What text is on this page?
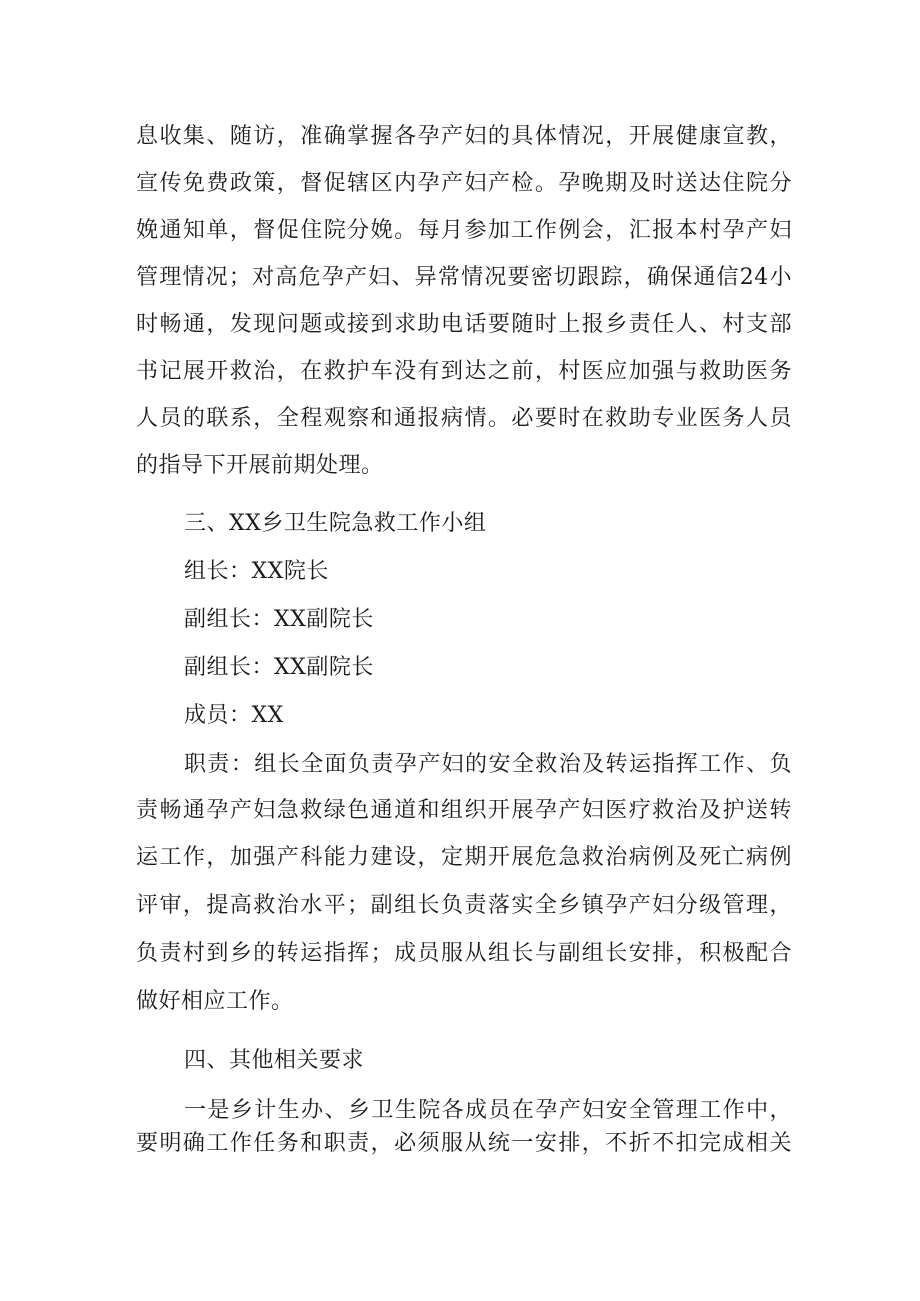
息收集、随访，准确掌握各孕产妇的具体情况，开展健康宣教，

宣传免费政策，督促辖区内孕产妇产检。孕晚期及时送达住院分

娩通知单，督促住院分娩。每月参加工作例会，汇报本村孕产妇

管理情况；对高危孕产妇、异常情况要密切跟踪，确保通信24小

时畅通，发现问题或接到求助电话要随时上报乡责任人、村支部

书记展开救治，在救护车没有到达之前，村医应加强与救助医务

人员的联系，全程观察和通报病情。必要时在救助专业医务人员

的指导下开展前期处理。

三、XX乡卫生院急救工作小组

组长：XX院长

副组长：XX副院长

副组长：XX副院长

成员：XX

职责：组长全面负责孕产妇的安全救治及转运指挥工作、负

责畅通孕产妇急救绿色通道和组织开展孕产妇医疗救治及护送转

运工作，加强产科能力建设，定期开展危急救治病例及死亡病例

评审，提高救治水平；副组长负责落实全乡镇孕产妇分级管理，

负责村到乡的转运指挥；成员服从组长与副组长安排，积极配合

做好相应工作。

四、其他相关要求

一是乡计生办、乡卫生院各成员在孕产妇安全管理工作中，

要明确工作任务和职责，必须服从统一安排，不折不扣完成相关
